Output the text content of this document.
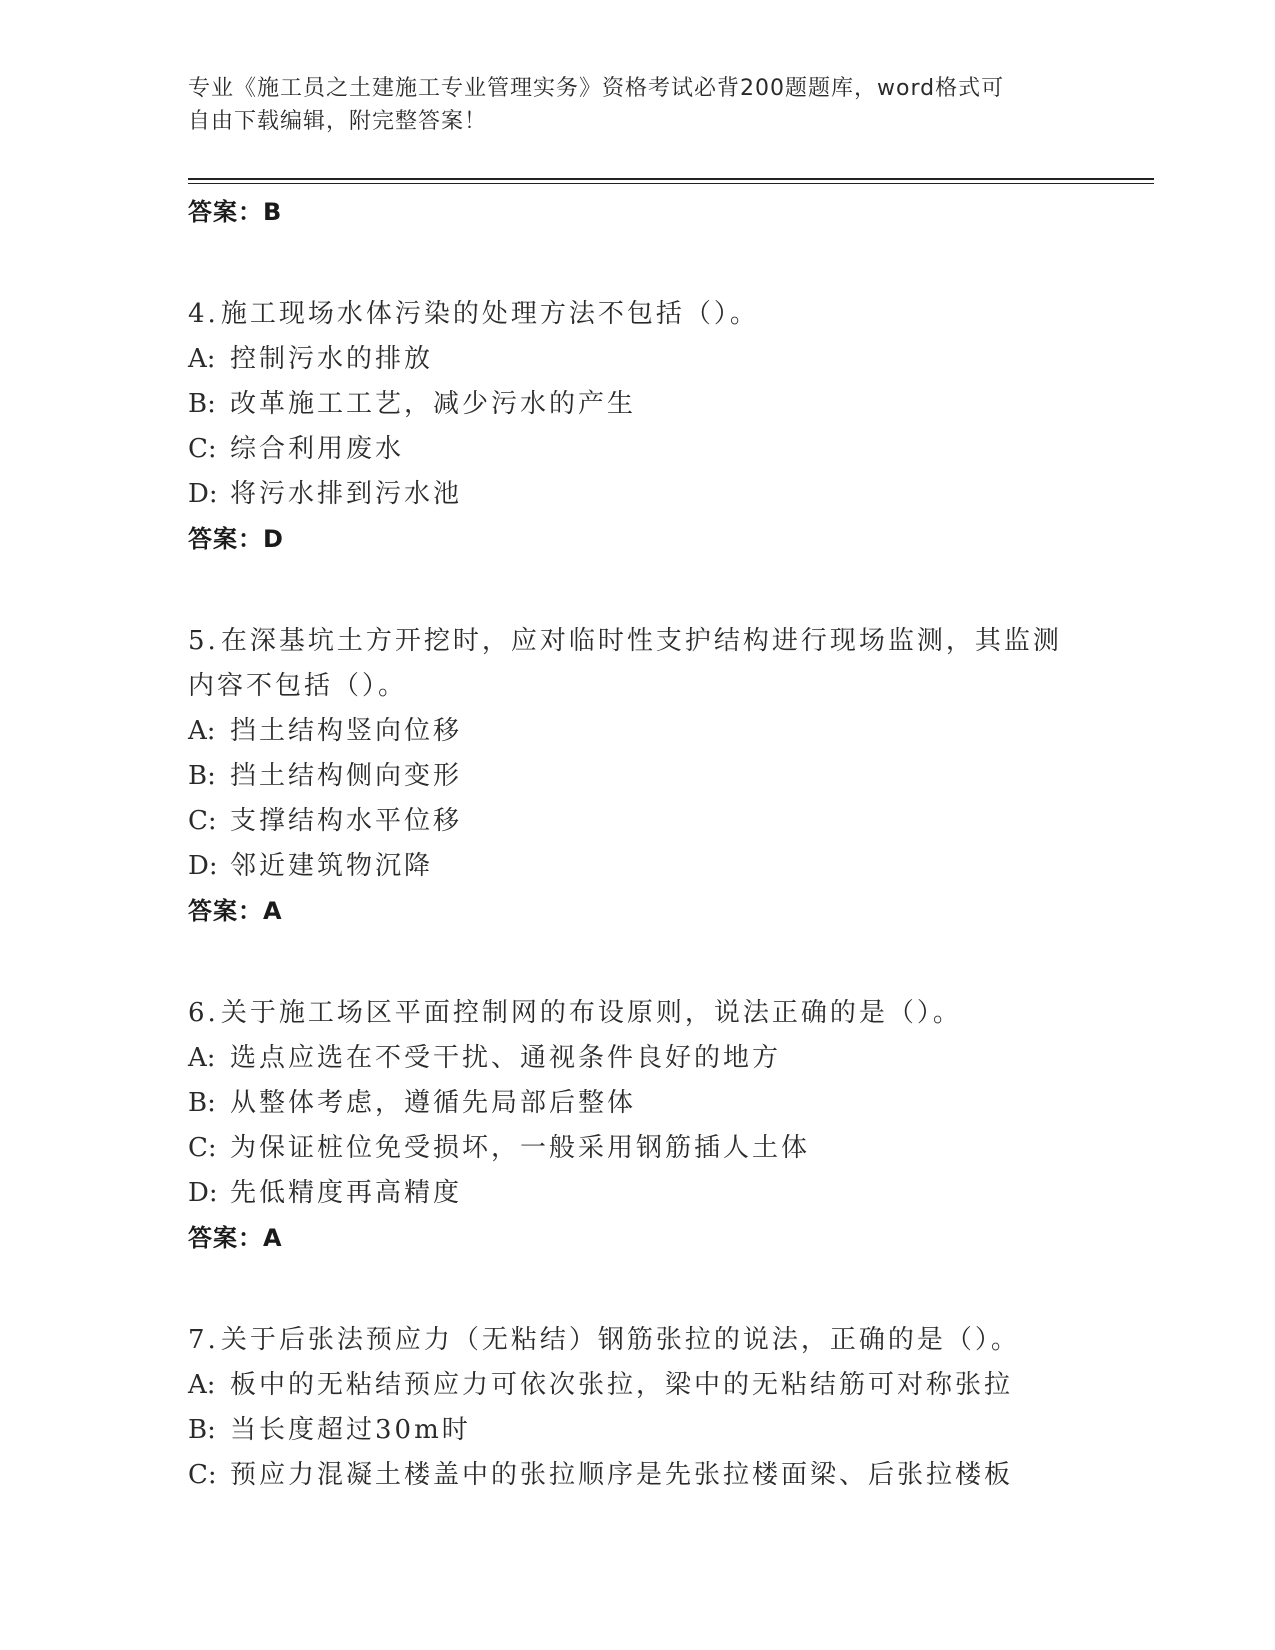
专业《施工员之土建施工专业管理实务》资格考试必背200题题库，word格式可
自由下载编辑，附完整答案！
答案：B
4.施工现场水体污染的处理方法不包括（）。
A: 控制污水的排放
B: 改革施工工艺，减少污水的产生
C: 综合利用废水
D: 将污水排到污水池
答案：D
5.在深基坑土方开挖时，应对临时性支护结构进行现场监测，其监测
内容不包括（）。
A: 挡土结构竖向位移
B: 挡土结构侧向变形
C: 支撑结构水平位移
D: 邻近建筑物沉降
答案：A
6.关于施工场区平面控制网的布设原则，说法正确的是（）。
A: 选点应选在不受干扰、通视条件良好的地方
B: 从整体考虑，遵循先局部后整体
C: 为保证桩位免受损坏，一般采用钢筋插人土体
D: 先低精度再高精度
答案：A
7.关于后张法预应力（无粘结）钢筋张拉的说法，正确的是（）。
A: 板中的无粘结预应力可依次张拉，梁中的无粘结筋可对称张拉
B: 当长度超过30m时
C: 预应力混凝土楼盖中的张拉顺序是先张拉楼面梁、后张拉楼板
